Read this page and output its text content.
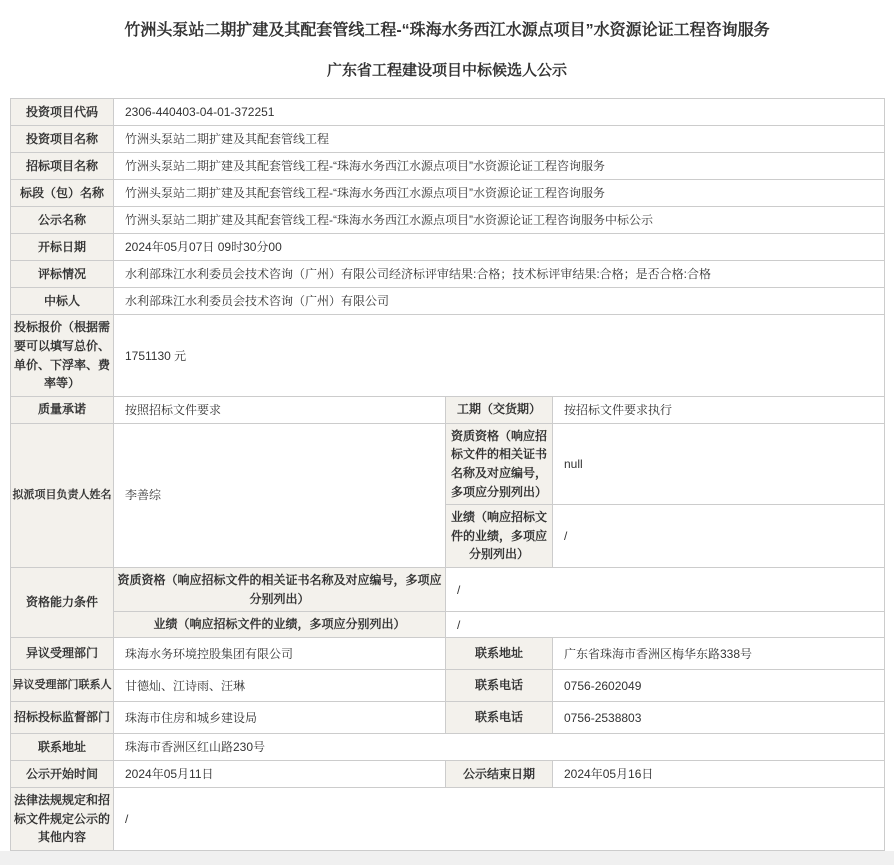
竹洲头泵站二期扩建及其配套管线工程-“珠海水务西江水源点项目”水资源论证工程咨询服务
广东省工程建设项目中标候选人公示
投资项目代码	2306-440403-04-01-372251		
投资项目名称	竹洲头泵站二期扩建及其配套管线工程		
招标项目名称	竹洲头泵站二期扩建及其配套管线工程-“珠海水务西江水源点项目”水资源论证工程咨询服务		
标段（包）名称	竹洲头泵站二期扩建及其配套管线工程-“珠海水务西江水源点项目”水资源论证工程咨询服务		
公示名称	竹洲头泵站二期扩建及其配套管线工程-“珠海水务西江水源点项目”水资源论证工程咨询服务中标公示		
开标日期	2024年05月07日 09时30分00		
评标情况	水利部珠江水利委员会技术咨询（广州）有限公司经济标评审结果:合格；技术标评审结果:合格；是否合格:合格		
中标人	水利部珠江水利委员会技术咨询（广州）有限公司		
投标报价（根据需要可以填写总价、单价、下浮率、费率等）	1751130 元		
质量承诺	按照招标文件要求	工期（交货期）	按招标文件要求执行
拟派项目负责人姓名	李善综	资质资格（响应招标文件的相关证书名称及对应编号，多项应分别列出）	null
		业绩（响应招标文件的业绩，多项应分别列出）	/
资格能力条件	资质资格（响应招标文件的相关证书名称及对应编号，多项应分别列出）	/	
	业绩（响应招标文件的业绩，多项应分别列出）	/	
异议受理部门	珠海水务环境控股集团有限公司	联系地址	广东省珠海市香洲区梅华东路338号
异议受理部门联系人	甘德灿、江诗雨、汪琳	联系电话	0756-2602049
招标投标监督部门	珠海市住房和城乡建设局	联系电话	0756-2538803
联系地址	珠海市香洲区红山路230号		
公示开始时间	2024年05月11日	公示结束日期	2024年05月16日
法律法规规定和招标文件规定公示的其他内容	/		
